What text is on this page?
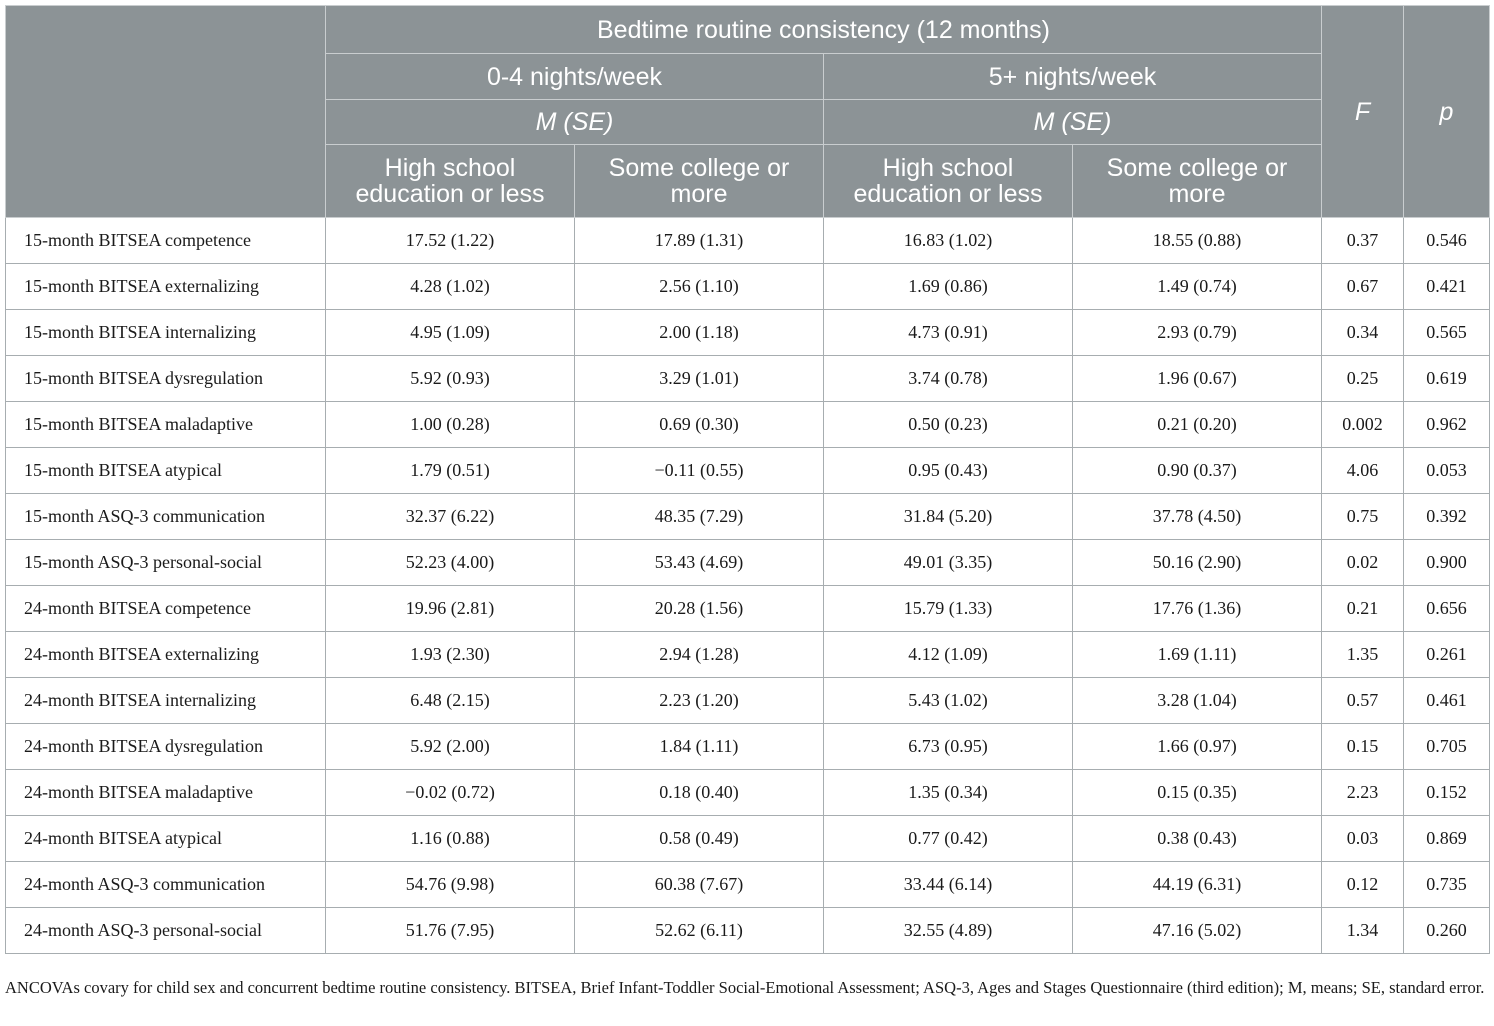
	Bedtime routine consistency (12 months)				F	p
	0-4 nights/week		5+ nights/week			
	M (SE)		M (SE)			
	High school education or less	Some college or more	High school education or less	Some college or more		
15-month BITSEA competence	17.52 (1.22)	17.89 (1.31)	16.83 (1.02)	18.55 (0.88)	0.37	0.546
15-month BITSEA externalizing	4.28 (1.02)	2.56 (1.10)	1.69 (0.86)	1.49 (0.74)	0.67	0.421
15-month BITSEA internalizing	4.95 (1.09)	2.00 (1.18)	4.73 (0.91)	2.93 (0.79)	0.34	0.565
15-month BITSEA dysregulation	5.92 (0.93)	3.29 (1.01)	3.74 (0.78)	1.96 (0.67)	0.25	0.619
15-month BITSEA maladaptive	1.00 (0.28)	0.69 (0.30)	0.50 (0.23)	0.21 (0.20)	0.002	0.962
15-month BITSEA atypical	1.79 (0.51)	−0.11 (0.55)	0.95 (0.43)	0.90 (0.37)	4.06	0.053
15-month ASQ-3 communication	32.37 (6.22)	48.35 (7.29)	31.84 (5.20)	37.78 (4.50)	0.75	0.392
15-month ASQ-3 personal-social	52.23 (4.00)	53.43 (4.69)	49.01 (3.35)	50.16 (2.90)	0.02	0.900
24-month BITSEA competence	19.96 (2.81)	20.28 (1.56)	15.79 (1.33)	17.76 (1.36)	0.21	0.656
24-month BITSEA externalizing	1.93 (2.30)	2.94 (1.28)	4.12 (1.09)	1.69 (1.11)	1.35	0.261
24-month BITSEA internalizing	6.48 (2.15)	2.23 (1.20)	5.43 (1.02)	3.28 (1.04)	0.57	0.461
24-month BITSEA dysregulation	5.92 (2.00)	1.84 (1.11)	6.73 (0.95)	1.66 (0.97)	0.15	0.705
24-month BITSEA maladaptive	−0.02 (0.72)	0.18 (0.40)	1.35 (0.34)	0.15 (0.35)	2.23	0.152
24-month BITSEA atypical	1.16 (0.88)	0.58 (0.49)	0.77 (0.42)	0.38 (0.43)	0.03	0.869
24-month ASQ-3 communication	54.76 (9.98)	60.38 (7.67)	33.44 (6.14)	44.19 (6.31)	0.12	0.735
24-month ASQ-3 personal-social	51.76 (7.95)	52.62 (6.11)	32.55 (4.89)	47.16 (5.02)	1.34	0.260
ANCOVAs covary for child sex and concurrent bedtime routine consistency. BITSEA, Brief Infant-Toddler Social-Emotional Assessment; ASQ-3, Ages and Stages Questionnaire (third edition); M, means; SE, standard error.
